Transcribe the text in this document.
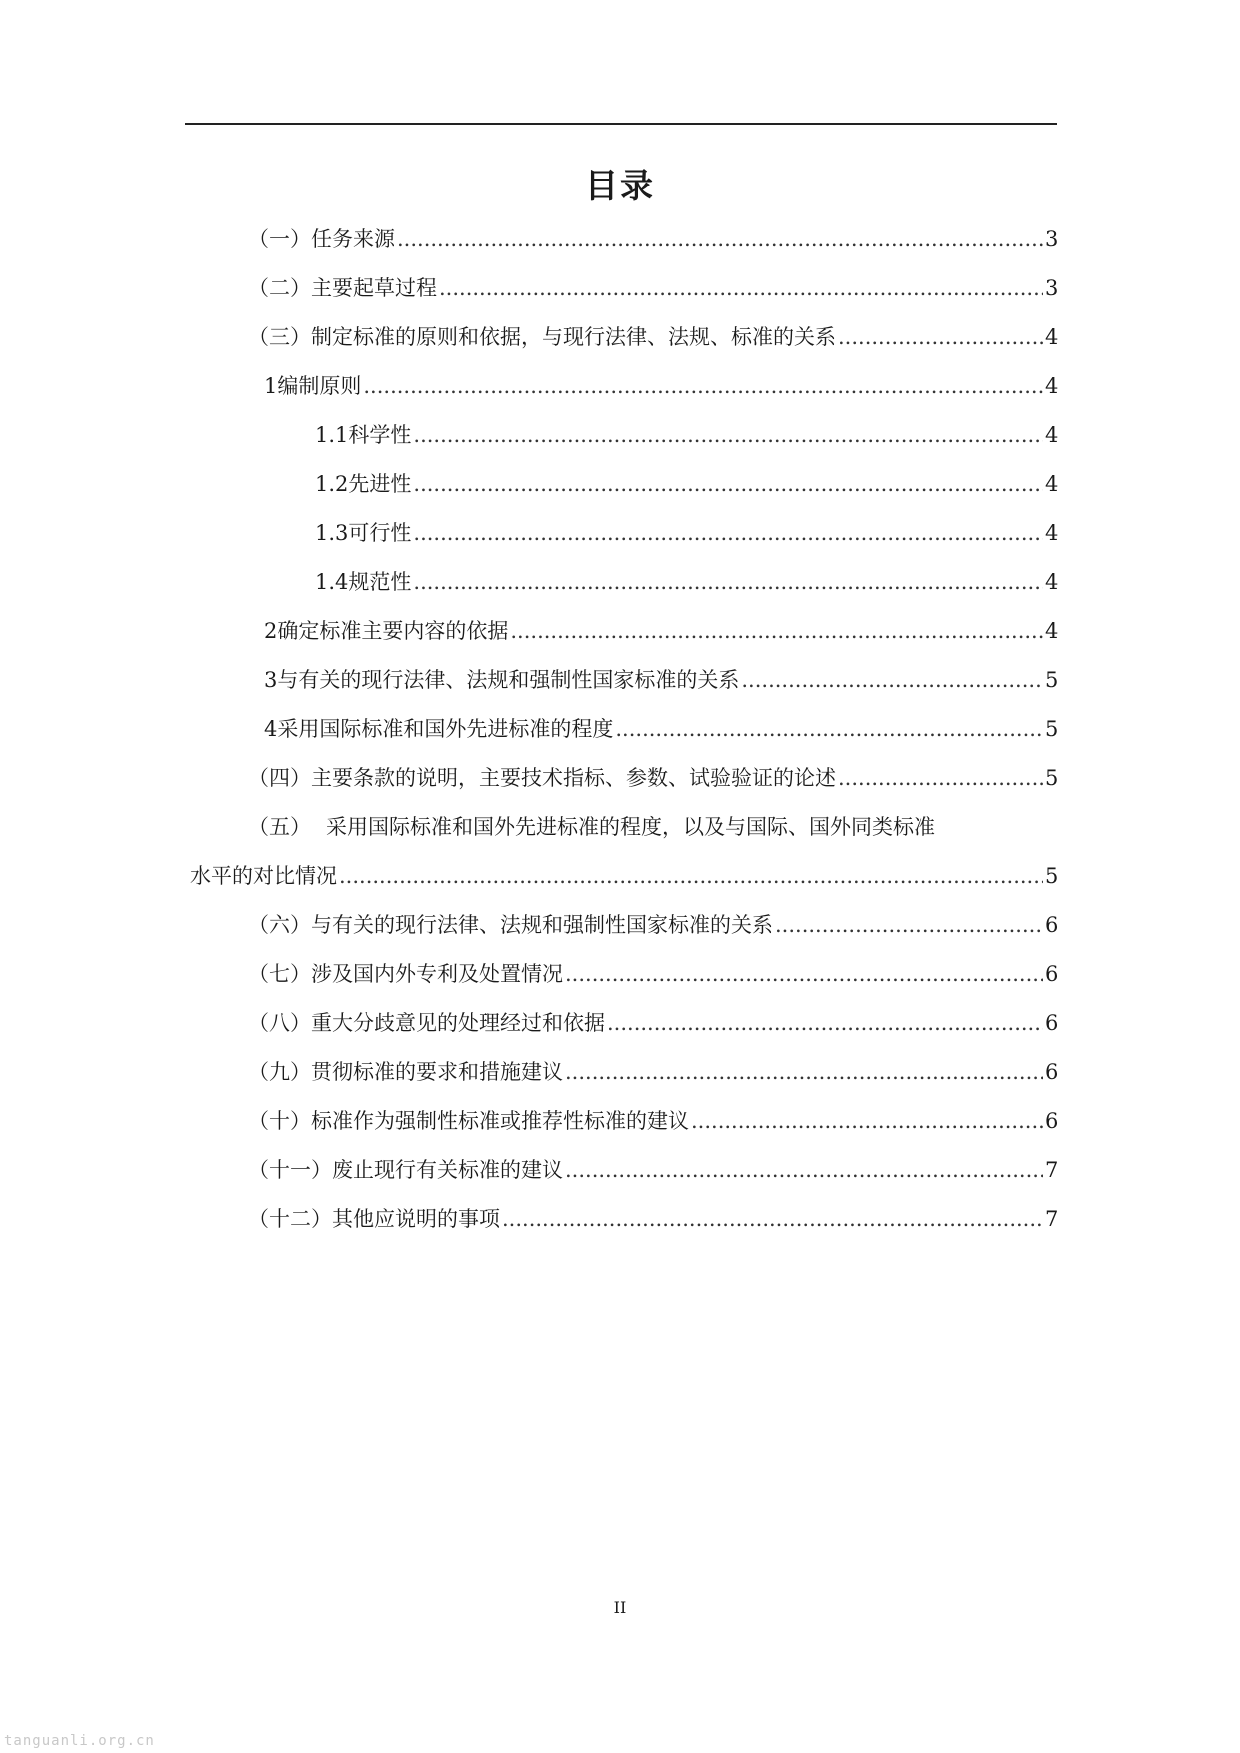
目录
（一） 任务来源 .....	3
（二） 主要起草过程 .....	3
（三） 制定标准的原则和依据，与现行法律、法规、标准的关系 .....	4
1 编制原则 .....	4
1.1 科学性 .....	4
1.2 先进性 .....	4
1.3 可行性 .....	4
1.4 规范性 .....	4
2 确定标准主要内容的依据 .....	4
3 与有关的现行法律、法规和强制性国家标准的关系 .....	5
4 采用国际标准和国外先进标准的程度 .....	5
（四） 主要条款的说明，主要技术指标、参数、试验验证的论述 .....	5
（五） 采用国际标准和国外先进标准的程度，以及与国际、国外同类标准
水平的对比情况 .....	5
（六） 与有关的现行法律、法规和强制性国家标准的关系 .....	6
（七） 涉及国内外专利及处置情况 .....	6
（八） 重大分歧意见的处理经过和依据 .....	6
（九） 贯彻标准的要求和措施建议 .....	6
（十） 标准作为强制性标准或推荐性标准的建议 .....	6
（十一） 废止现行有关标准的建议 .....	7
（十二） 其他应说明的事项 .....	7
II
tanguanli.org.cn
